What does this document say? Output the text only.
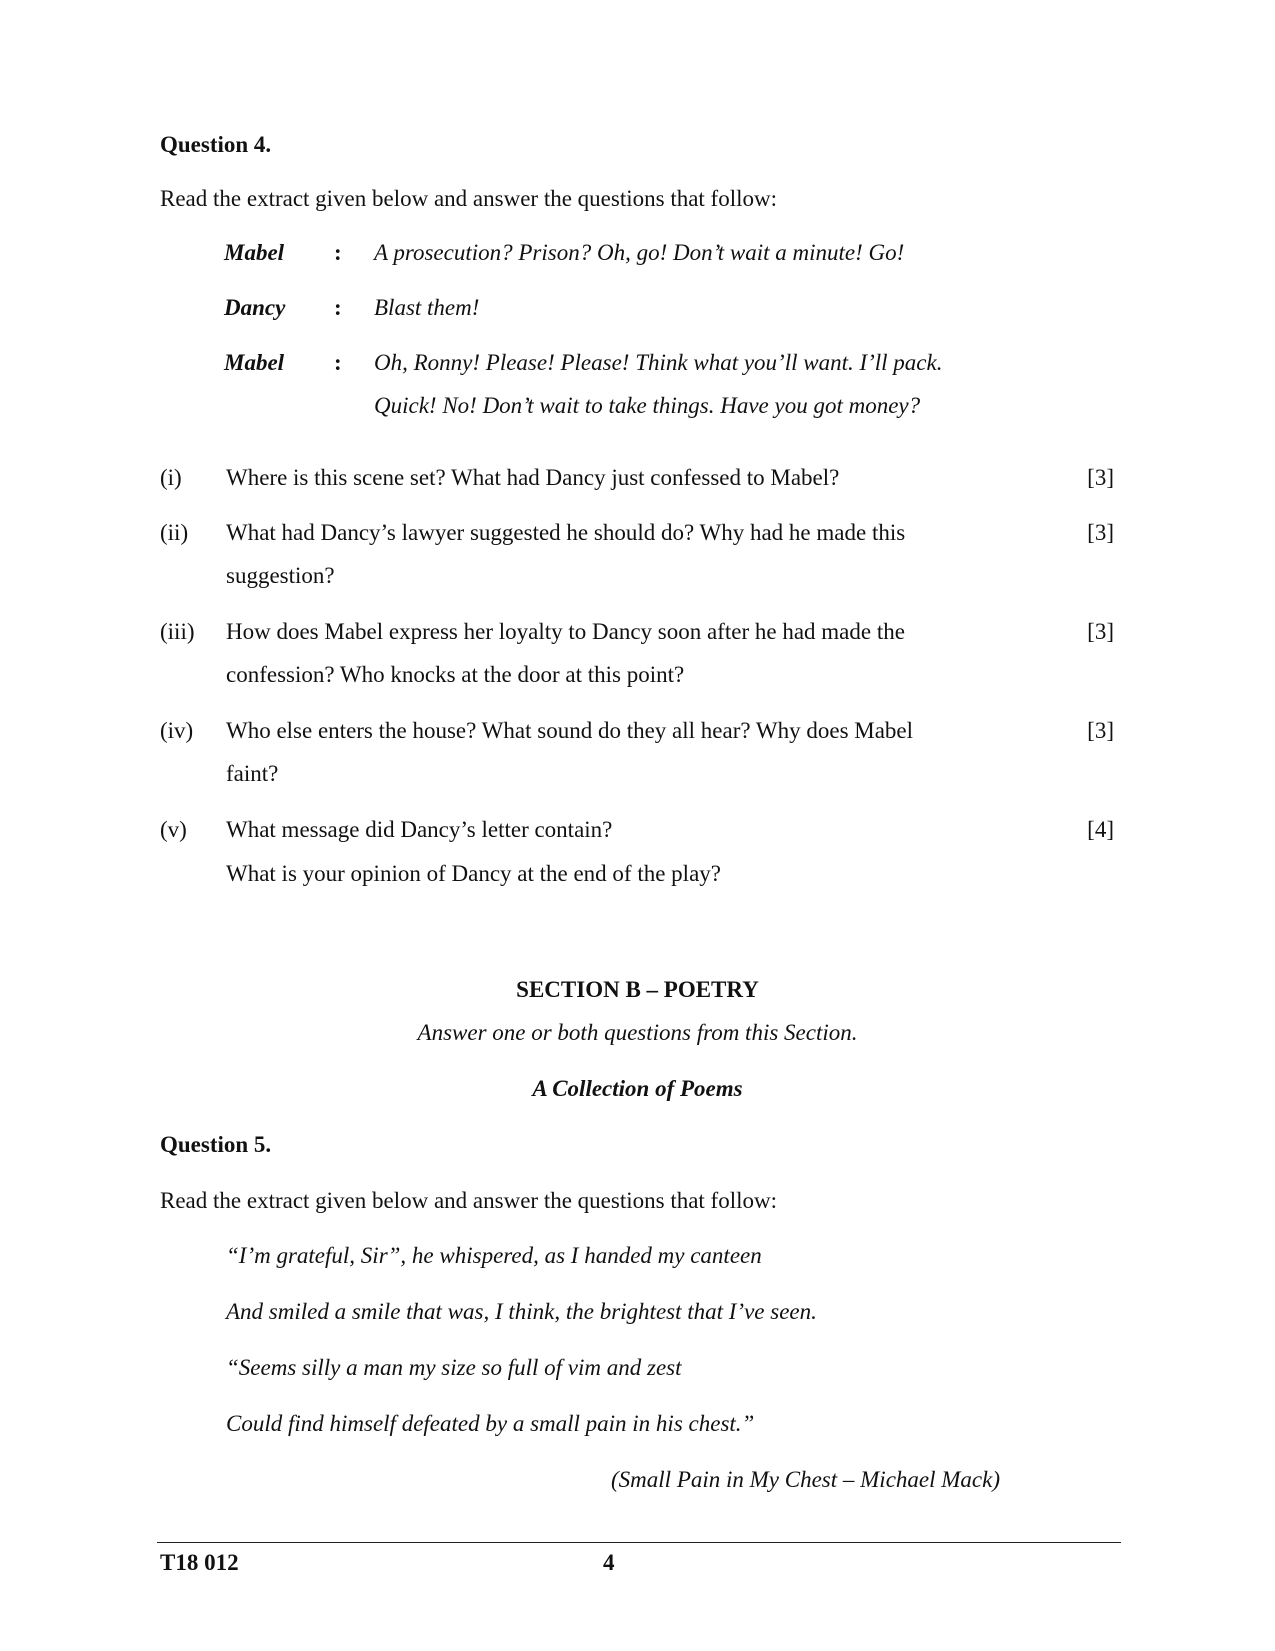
Question 4.
Read the extract given below and answer the questions that follow:
Mabel : A prosecution? Prison? Oh, go! Don’t wait a minute! Go!
Dancy : Blast them!
Mabel : Oh, Ronny! Please! Please! Think what you’ll want. I’ll pack.
Quick! No! Don’t wait to take things. Have you got money?
(i) Where is this scene set? What had Dancy just confessed to Mabel?	[3]
(ii) What had Dancy’s lawyer suggested he should do? Why had he made this
suggestion?
[3]
(iii) How does Mabel express her loyalty to Dancy soon after he had made the
confession? Who knocks at the door at this point?
[3]
(iv) Who else enters the house? What sound do they all hear? Why does Mabel
faint?
[3]
(v) What message did Dancy’s letter contain?
What is your opinion of Dancy at the end of the play?
[4]
SECTION B – POETRY
Answer one or both questions from this Section.
A Collection of Poems
Question 5.
Read the extract given below and answer the questions that follow:
“I’m grateful, Sir”, he whispered, as I handed my canteen
And smiled a smile that was, I think, the brightest that I’ve seen.
“Seems silly a man my size so full of vim and zest
Could find himself defeated by a small pain in his chest.”
(Small Pain in My Chest – Michael Mack)
T18 012	4
